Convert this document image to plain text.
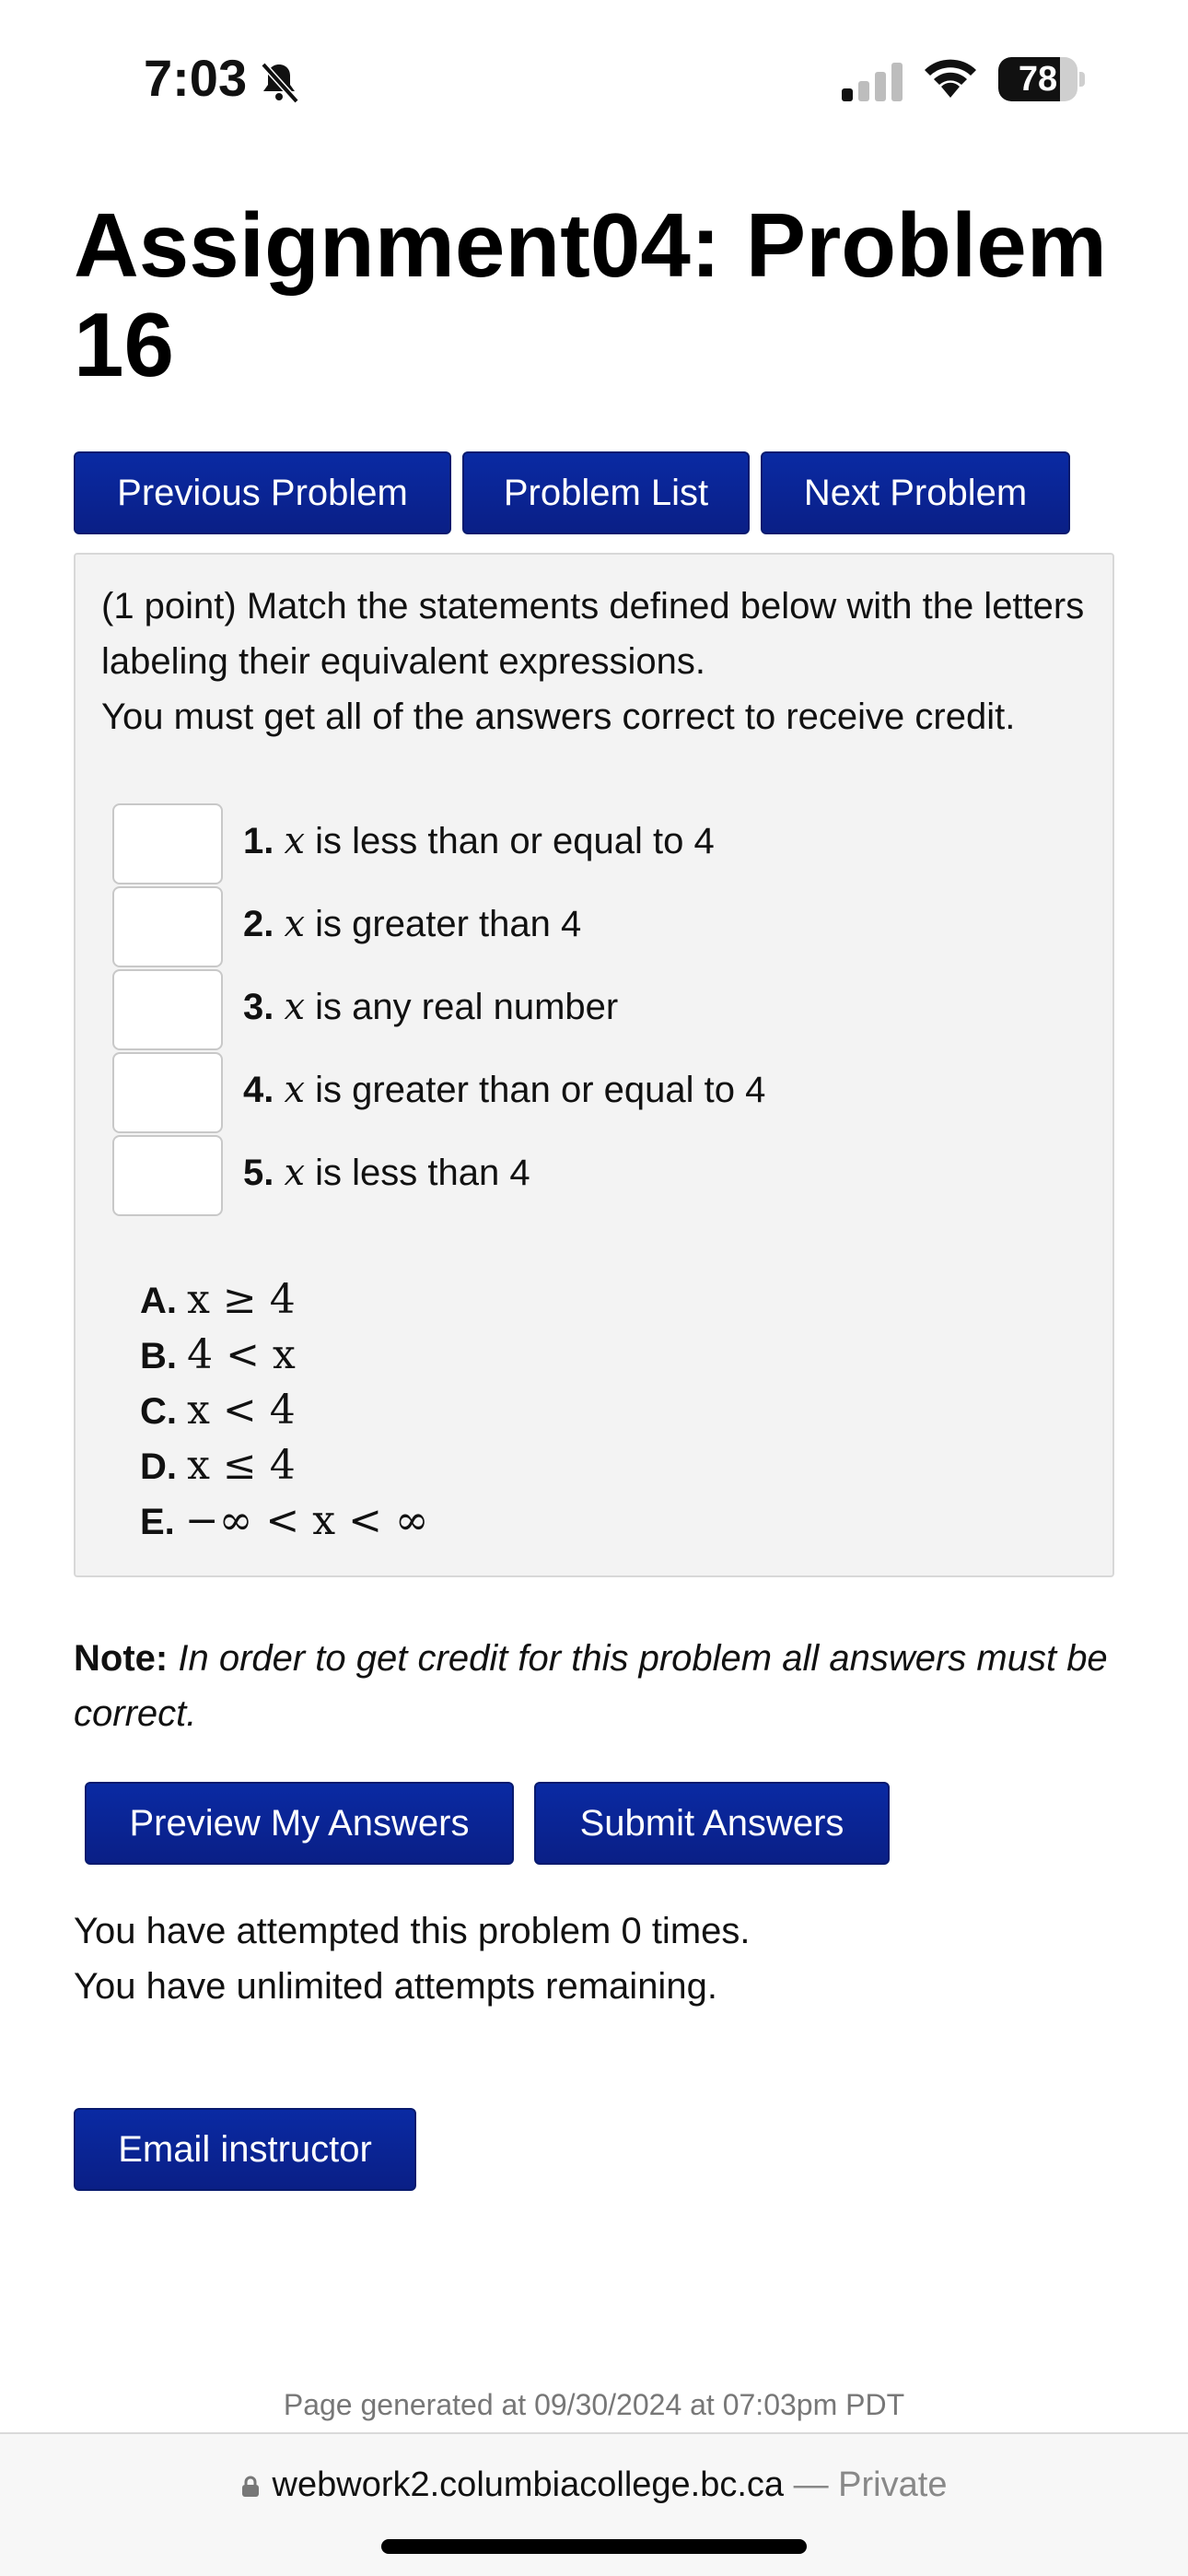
7:03	78
Assignment04: Problem 16
Previous Problem	Problem List	Next Problem
(1 point) Match the statements defined below with the letters labeling their equivalent expressions.
You must get all of the answers correct to receive credit.
1. x is less than or equal to 4
2. x is greater than 4
3. x is any real number
4. x is greater than or equal to 4
5. x is less than 4
A. x ≥ 4
B. 4 < x
C. x < 4
D. x ≤ 4
E. −∞ < x < ∞
Note: In order to get credit for this problem all answers must be correct.
Preview My Answers	Submit Answers
You have attempted this problem 0 times.
You have unlimited attempts remaining.
Email instructor
Page generated at 09/30/2024 at 07:03pm PDT
webwork2.columbiacollege.bc.ca — Private
